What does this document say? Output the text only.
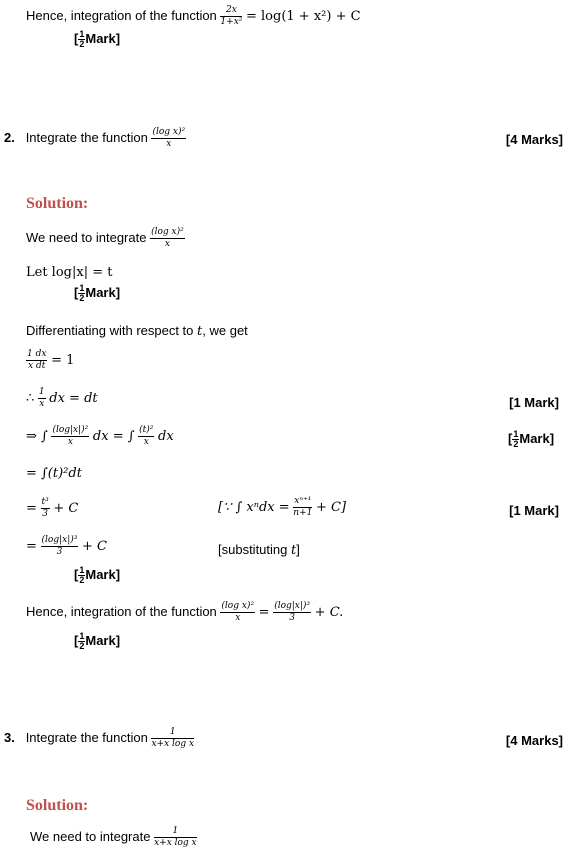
Hence, integration of the function $\frac{2x}{\text{1+x²}} = \log(1 + x^2) + C$
[ $\frac{1}{2}$ Mark]
2. Integrate the function $\frac{\text{(log x)²}}{x}$	[4 Marks]
Solution:
We need to integrate $\frac{\text{(log x)²}}{x}$
Let log|x| = t
[ $\frac{1}{2}$ Mark]
Differentiating with respect to t, we get
$\frac{1 dx}{\text{x dt}} = 1$
∴ $\frac{1}{x}$ dx = dt	[1 Mark]
⇒ ∫ $\frac{\text{(log|x|)²}}{x}$ dx = ∫ $\frac{\text{(t)²}}{x}$ dx	[ $\frac{1}{2}$ Mark]
= ∫(t)²dt
= $\frac{\text{t³}}{3} + C$	[∵ ∫ $x^ndx = \frac{\text{xⁿ⁺¹}}{n+1} + C$]	[1 Mark]
= $\frac{\text{(log|x|)³}}{3} + C$	[substituting t]
[ $\frac{1}{2}$ Mark]
Hence, integration of the function $\frac{\text{(log x)²}}{x} = \frac{\text{(log|x|)³}}{3} + C$.
[ $\frac{1}{2}$ Mark]
3. Integrate the function $\frac{1}{\text{x+x log x}}$	[4 Marks]
Solution:
We need to integrate $\frac{1}{\text{x+x log x}}$
